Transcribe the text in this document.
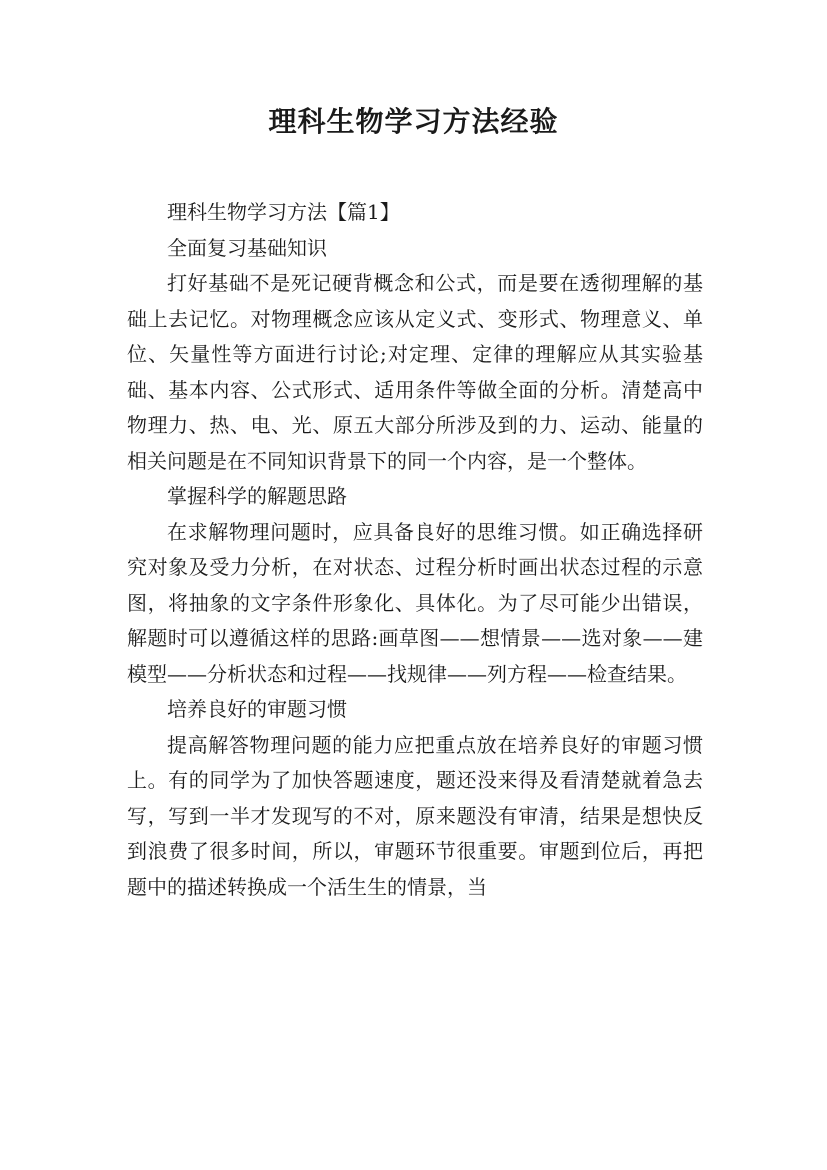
理科生物学习方法经验

理科生物学习方法【篇1】

全面复习基础知识

打好基础不是死记硬背概念和公式，而是要在透彻理解的基础上去记忆。对物理概念应该从定义式、变形式、物理意义、单位、矢量性等方面进行讨论;对定理、定律的理解应从其实验基础、基本内容、公式形式、适用条件等做全面的分析。清楚高中物理力、热、电、光、原五大部分所涉及到的力、运动、能量的相关问题是在不同知识背景下的同一个内容，是一个整体。

掌握科学的解题思路

在求解物理问题时，应具备良好的思维习惯。如正确选择研究对象及受力分析，在对状态、过程分析时画出状态过程的示意图，将抽象的文字条件形象化、具体化。为了尽可能少出错误，解题时可以遵循这样的思路:画草图——想情景——选对象——建模型——分析状态和过程——找规律——列方程——检查结果。

培养良好的审题习惯

提高解答物理问题的能力应把重点放在培养良好的审题习惯上。有的同学为了加快答题速度，题还没来得及看清楚就着急去写，写到一半才发现写的不对，原来题没有审清，结果是想快反到浪费了很多时间，所以，审题环节很重要。审题到位后，再把题中的描述转换成一个活生生的情景，当
